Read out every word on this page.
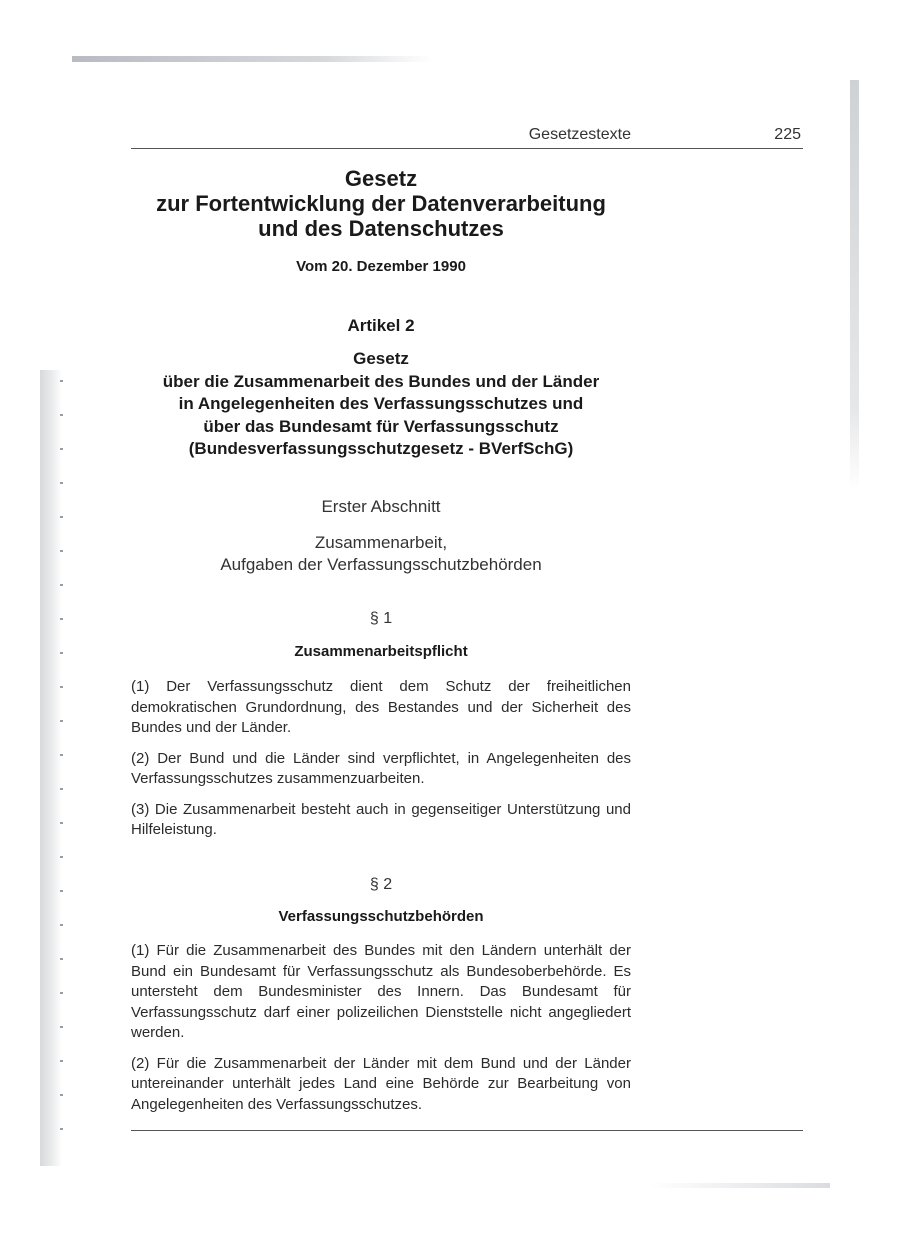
Gesetzestexte	225
Gesetz
zur Fortentwicklung der Datenverarbeitung
und des Datenschutzes
Vom 20. Dezember 1990
Artikel 2
Gesetz
über die Zusammenarbeit des Bundes und der Länder
in Angelegenheiten des Verfassungsschutzes und
über das Bundesamt für Verfassungsschutz
(Bundesverfassungsschutzgesetz - BVerfSchG)
Erster Abschnitt
Zusammenarbeit,
Aufgaben der Verfassungsschutzbehörden
§ 1
Zusammenarbeitspflicht

(1) Der Verfassungsschutz dient dem Schutz der freiheitlichen demokratischen Grundordnung, des Bestandes und der Sicherheit des Bundes und der Länder.

(2) Der Bund und die Länder sind verpflichtet, in Angelegenheiten des Verfassungsschutzes zusammenzuarbeiten.

(3) Die Zusammenarbeit besteht auch in gegenseitiger Unterstützung und Hilfeleistung.

§ 2
Verfassungsschutzbehörden

(1) Für die Zusammenarbeit des Bundes mit den Ländern unterhält der Bund ein Bundesamt für Verfassungsschutz als Bundesoberbehörde. Es untersteht dem Bundesminister des Innern. Das Bundesamt für Verfassungsschutz darf einer polizeilichen Dienststelle nicht angegliedert werden.

(2) Für die Zusammenarbeit der Länder mit dem Bund und der Länder untereinander unterhält jedes Land eine Behörde zur Bearbeitung von Angelegenheiten des Verfassungsschutzes.
